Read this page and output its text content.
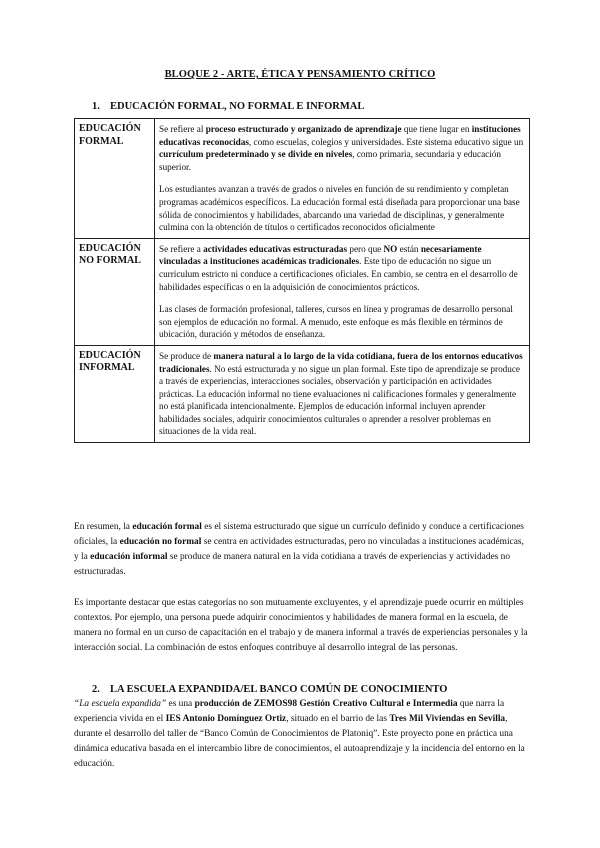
BLOQUE 2 - ARTE, ÉTICA Y PENSAMIENTO CRÍTICO
1. EDUCACIÓN FORMAL, NO FORMAL E INFORMAL
EDUCACIÓN FORMAL	Se refiere al proceso estructurado y organizado de aprendizaje que tiene lugar en instituciones educativas reconocidas, como escuelas, colegios y universidades. Este sistema educativo sigue un currículum predeterminado y se divide en niveles, como primaria, secundaria y educación superior.

Los estudiantes avanzan a través de grados o niveles en función de su rendimiento y completan programas académicos específicos. La educación formal está diseñada para proporcionar una base sólida de conocimientos y habilidades, abarcando una variedad de disciplinas, y generalmente culmina con la obtención de títulos o certificados reconocidos oficialmente

EDUCACIÓN NO FORMAL	Se refiere a actividades educativas estructuradas pero que NO están necesariamente vinculadas a instituciones académicas tradicionales. Este tipo de educación no sigue un currículum estricto ni conduce a certificaciones oficiales. En cambio, se centra en el desarrollo de habilidades específicas o en la adquisición de conocimientos prácticos.

Las clases de formación profesional, talleres, cursos en línea y programas de desarrollo personal son ejemplos de educación no formal. A menudo, este enfoque es más flexible en términos de ubicación, duración y métodos de enseñanza.

EDUCACIÓN INFORMAL	Se produce de manera natural a lo largo de la vida cotidiana, fuera de los entornos educativos tradicionales. No está estructurada y no sigue un plan formal. Este tipo de aprendizaje se produce a través de experiencias, interacciones sociales, observación y participación en actividades prácticas. La educación informal no tiene evaluaciones ni calificaciones formales y generalmente no está planificada intencionalmente. Ejemplos de educación informal incluyen aprender habilidades sociales, adquirir conocimientos culturales o aprender a resolver problemas en situaciones de la vida real.

En resumen, la educación formal es el sistema estructurado que sigue un currículo definido y conduce a certificaciones oficiales, la educación no formal se centra en actividades estructuradas, pero no vinculadas a instituciones académicas, y la educación informal se produce de manera natural en la vida cotidiana a través de experiencias y actividades no estructuradas.

Es importante destacar que estas categorías no son mutuamente excluyentes, y el aprendizaje puede ocurrir en múltiples contextos. Por ejemplo, una persona puede adquirir conocimientos y habilidades de manera formal en la escuela, de manera no formal en un curso de capacitación en el trabajo y de manera informal a través de experiencias personales y la interacción social. La combinación de estos enfoques contribuye al desarrollo integral de las personas.

2. LA ESCUELA EXPANDIDA/EL BANCO COMÚN DE CONOCIMIENTO

“La escuela expandida” es una producción de ZEMOS98 Gestión Creativo Cultural e Intermedia que narra la experiencia vivida en el IES Antonio Domínguez Ortiz, situado en el barrio de las Tres Mil Viviendas en Sevilla, durante el desarrollo del taller de “Banco Común de Conocimientos de Platoniq”. Este proyecto pone en práctica una dinámica educativa basada en el intercambio libre de conocimientos, el autoaprendizaje y la incidencia del entorno en la educación.
